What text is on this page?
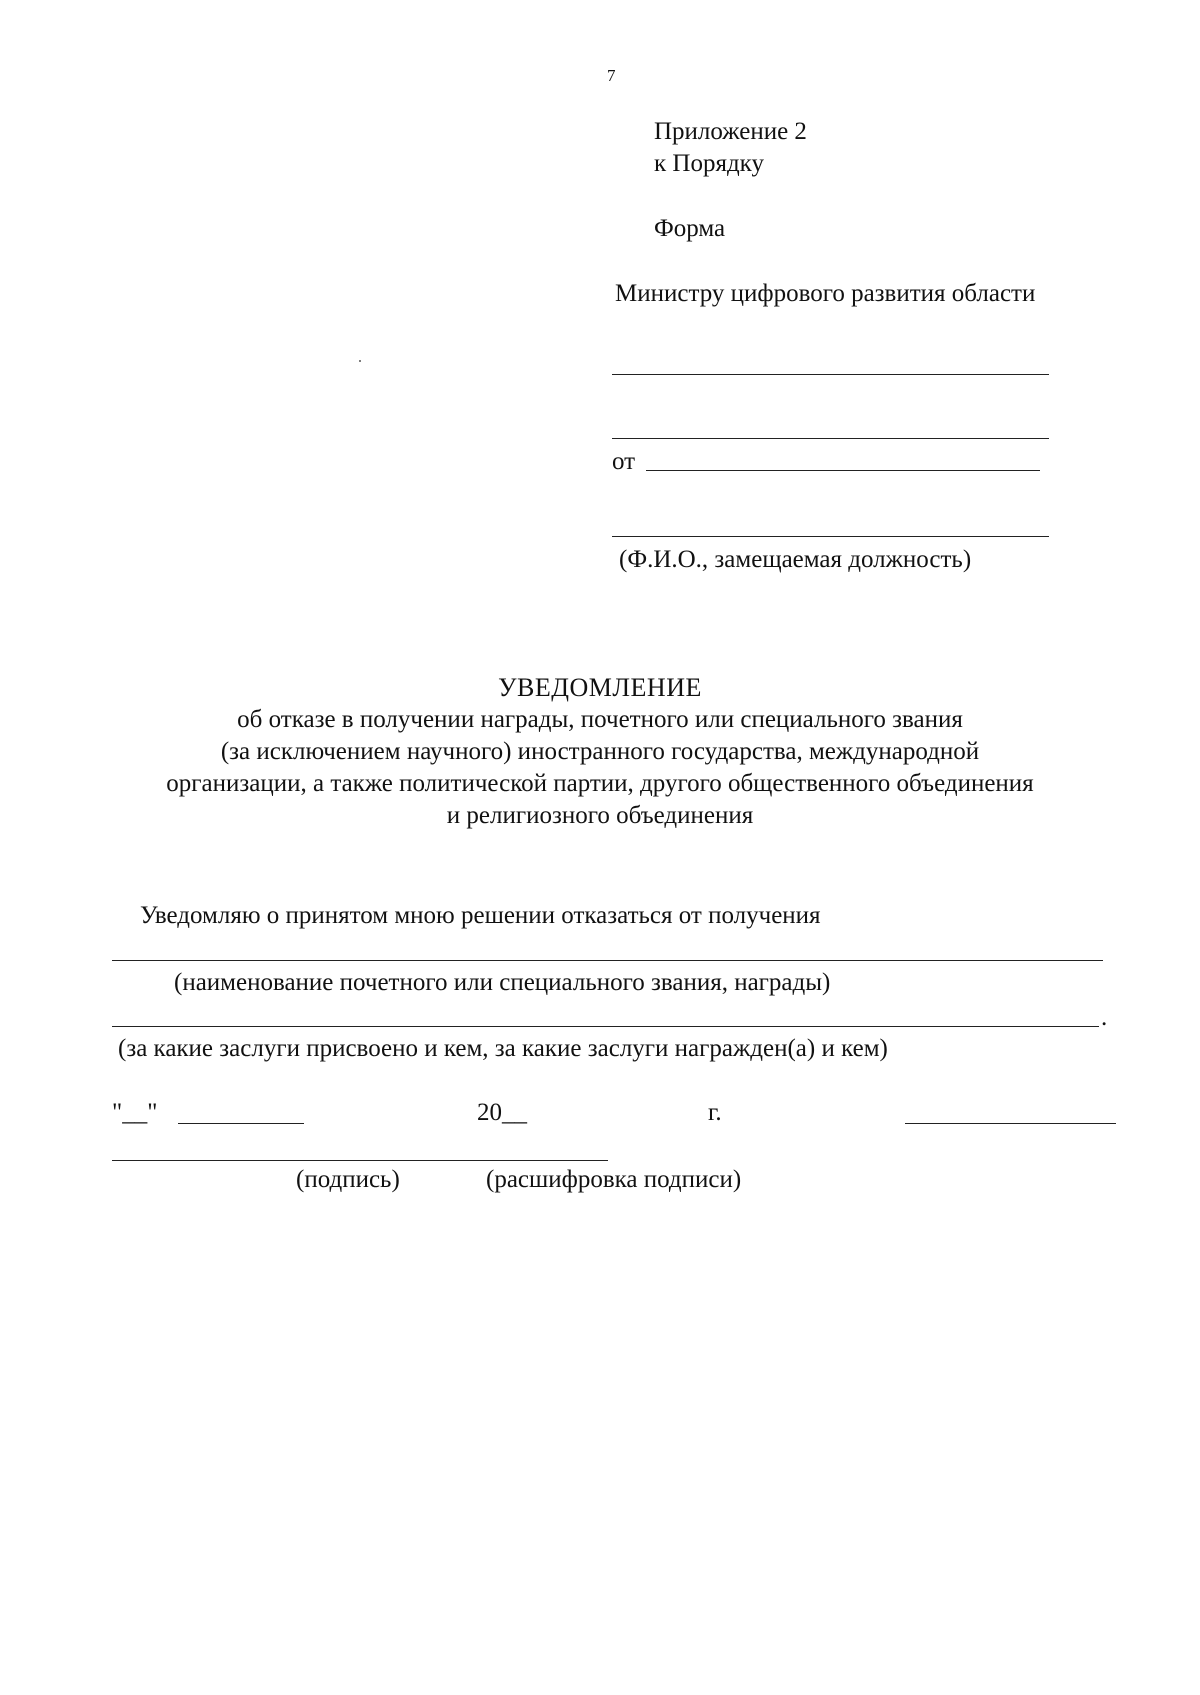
7
Приложение 2
к Порядку
Форма
Министру цифрового развития области
от
(Ф.И.О., замещаемая должность)
УВЕДОМЛЕНИЕ
об отказе в получении награды, почетного или специального звания
(за исключением научного) иностранного государства, международной
организации, а также политической партии, другого общественного объединения
и религиозного объединения
Уведомляю о принятом мною решении отказаться от получения
(наименование почетного или специального звания, награды)
.
(за какие заслуги присвоено и кем, за какие заслуги награжден(а) и кем)
"__"	20__	г.
(подпись)	(расшифровка подписи)
